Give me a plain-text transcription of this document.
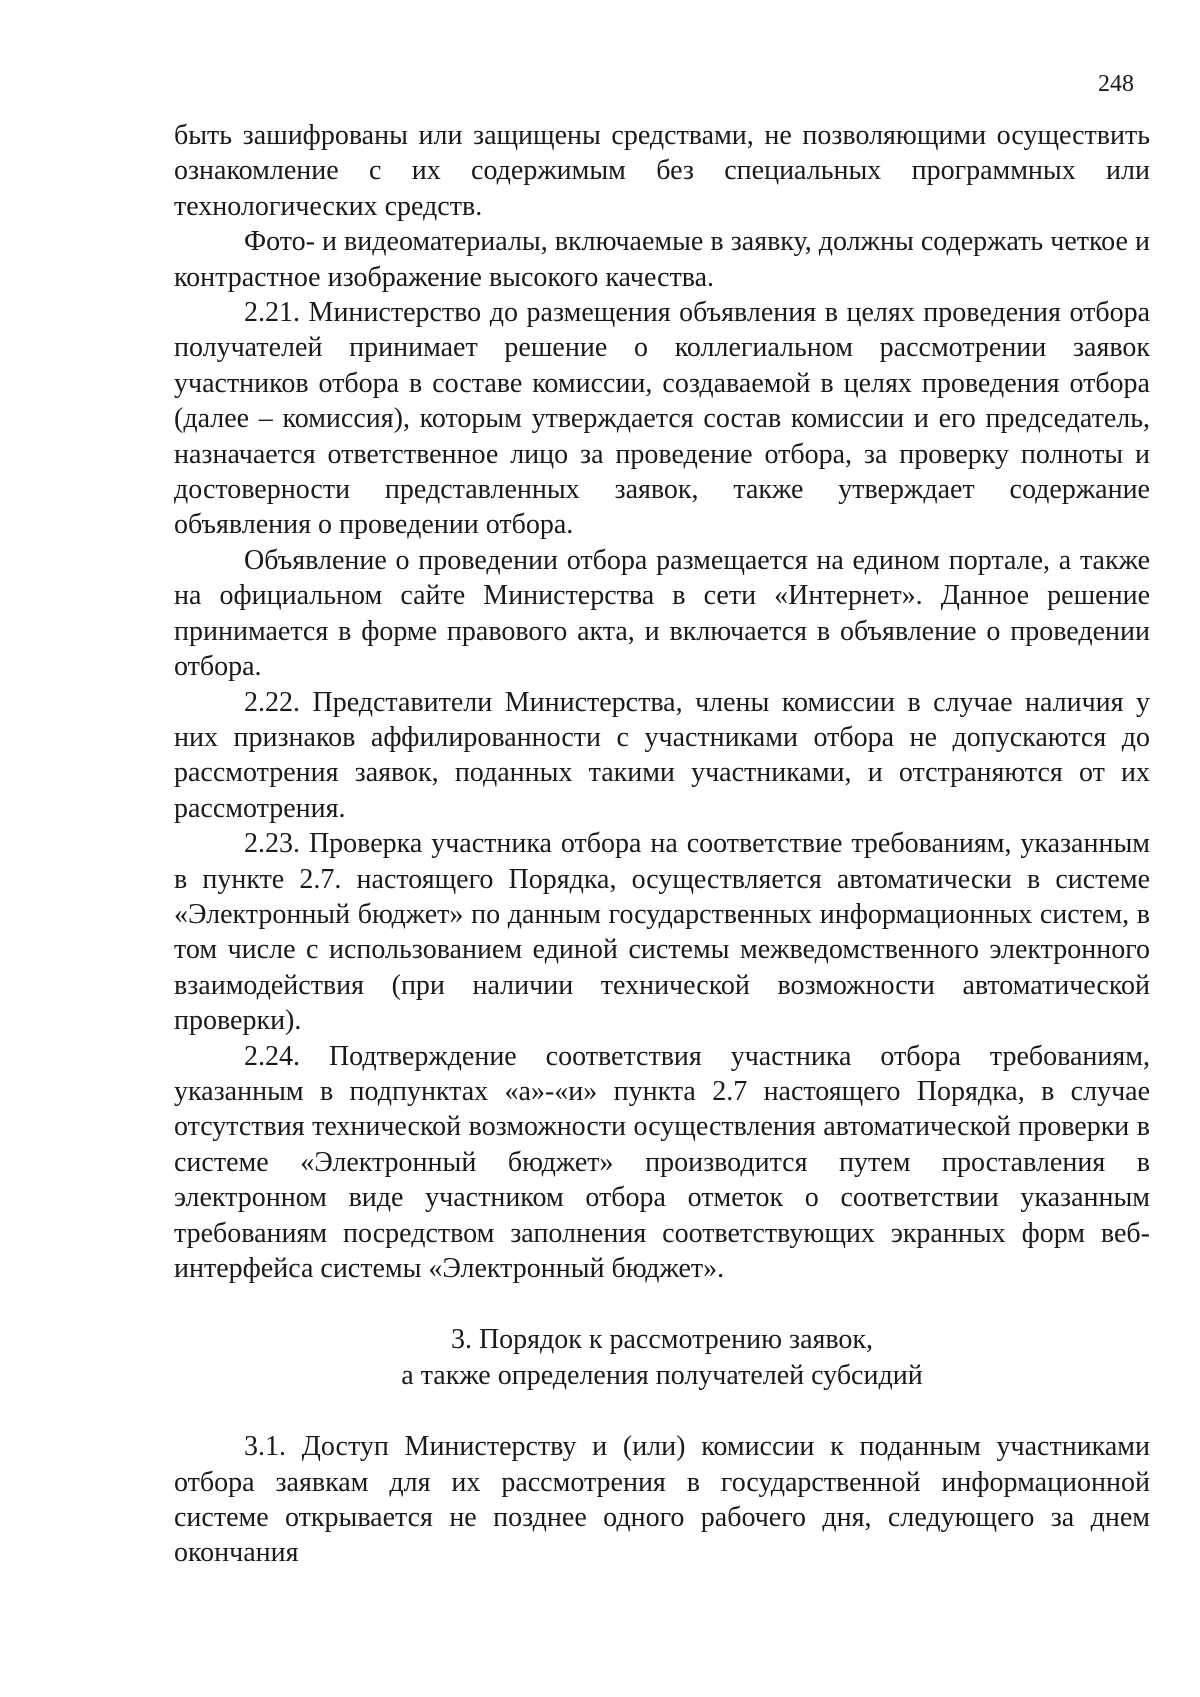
248

быть зашифрованы или защищены средствами, не позволяющими осуществить ознакомление с их содержимым без специальных программных или технологических средств.

Фото- и видеоматериалы, включаемые в заявку, должны содержать четкое и контрастное изображение высокого качества.

2.21. Министерство до размещения объявления в целях проведения отбора получателей принимает решение о коллегиальном рассмотрении заявок участников отбора в составе комиссии, создаваемой в целях проведения отбора (далее – комиссия), которым утверждается состав комиссии и его председатель, назначается ответственное лицо за проведение отбора, за проверку полноты и достоверности представленных заявок, также утверждает содержание объявления о проведении отбора.

Объявление о проведении отбора размещается на едином портале, а также на официальном сайте Министерства в сети «Интернет». Данное решение принимается в форме правового акта, и включается в объявление о проведении отбора.

2.22. Представители Министерства, члены комиссии в случае наличия у них признаков аффилированности с участниками отбора не допускаются до рассмотрения заявок, поданных такими участниками, и отстраняются от их рассмотрения.

2.23. Проверка участника отбора на соответствие требованиям, указанным в пункте 2.7. настоящего Порядка, осуществляется автоматически в системе «Электронный бюджет» по данным государственных информационных систем, в том числе с использованием единой системы межведомственного электронного взаимодействия (при наличии технической возможности автоматической проверки).

2.24. Подтверждение соответствия участника отбора требованиям, указанным в подпунктах «а»-«и» пункта 2.7 настоящего Порядка, в случае отсутствия технической возможности осуществления автоматической проверки в системе «Электронный бюджет» производится путем проставления в электронном виде участником отбора отметок о соответствии указанным требованиям посредством заполнения соответствующих экранных форм веб-интерфейса системы «Электронный бюджет».

3. Порядок к рассмотрению заявок,
а также определения получателей субсидий

3.1. Доступ Министерству и (или) комиссии к поданным участниками отбора заявкам для их рассмотрения в государственной информационной системе открывается не позднее одного рабочего дня, следующего за днем окончания
